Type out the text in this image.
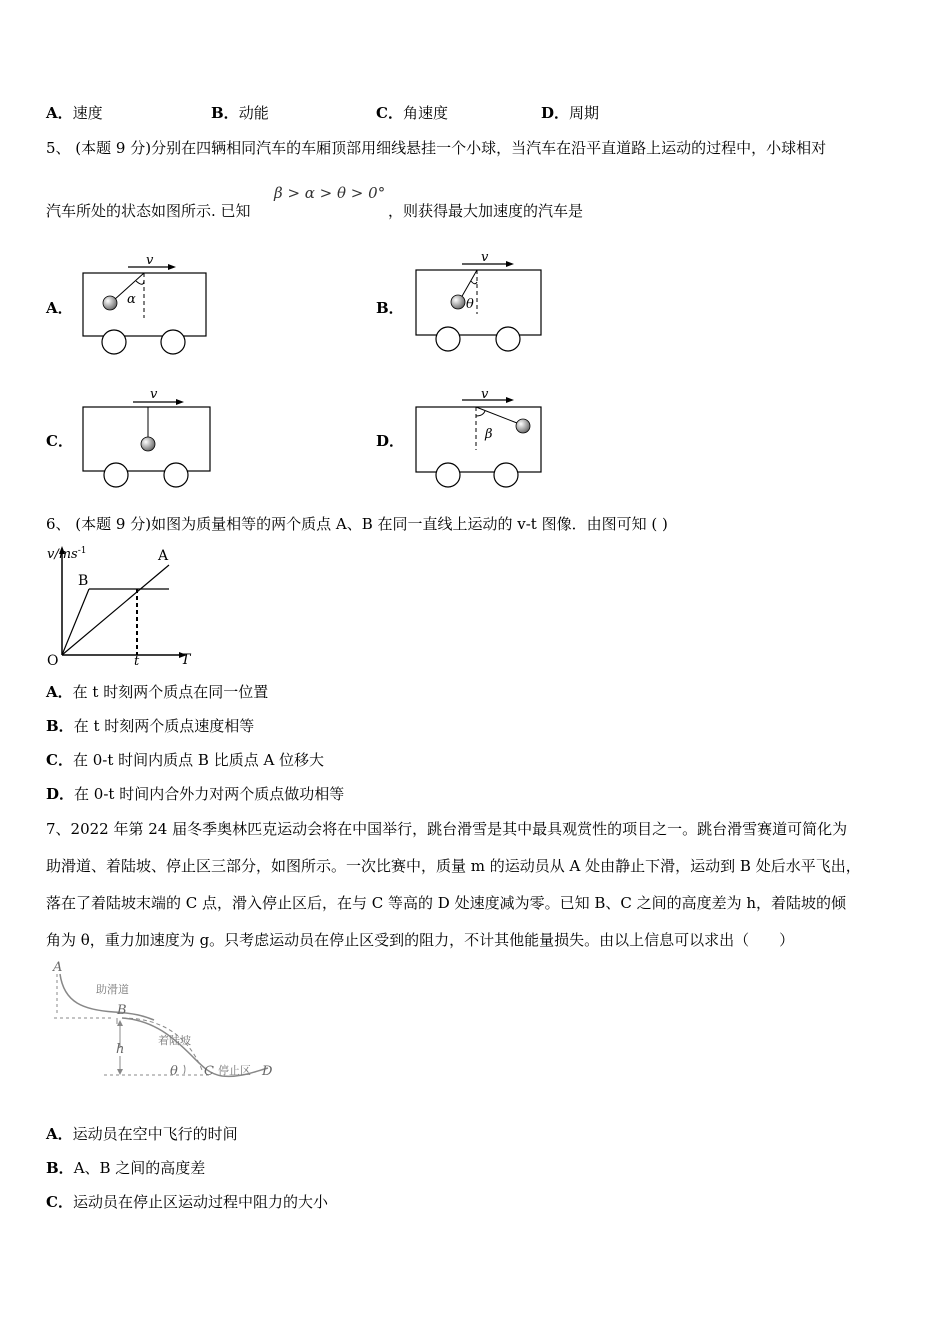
A．速度	B．动能	C．角速度	D．周期
5、 (本题 9 分)分别在四辆相同汽车的车厢顶部用细线悬挂一个小球，当汽车在沿平直道路上运动的过程中，小球相对
汽车所处的状态如图所示. 已知
β > α > θ > 0°
，则获得最大加速度的汽车是
A．	B．
C．	D．
v
α
v
θ
v	v
β
6、 (本题 9 分)如图为质量相等的两个质点 A、B 在同一直线上运动的 v-t 图像．由图可知 ( )
$v/ms^{-1}$
T
O	t
A
B
A．在 t 时刻两个质点在同一位置
B．在 t 时刻两个质点速度相等
C．在 0-t 时间内质点 B 比质点 A 位移大
D．在 0-t 时间内合外力对两个质点做功相等
7、2022 年第 24 届冬季奥林匹克运动会将在中国举行，跳台滑雪是其中最具观赏性的项目之一。跳台滑雪赛道可简化为
助滑道、着陆坡、停止区三部分，如图所示。一次比赛中，质量 m 的运动员从 A 处由静止下滑，运动到 B 处后水平飞出，
落在了着陆坡末端的 C 点，滑入停止区后，在与 C 等高的 D 处速度减为零。已知 B、C 之间的高度差为 h，着陆坡的倾
角为 θ，重力加速度为 g。只考虑运动员在停止区受到的阻力，不计其他能量损失。由以上信息可以求出（　　）
A
助滑道
B
着陆坡
h
θ C 停止区 D
A．运动员在空中飞行的时间
B．A、B 之间的高度差
C．运动员在停止区运动过程中阻力的大小
